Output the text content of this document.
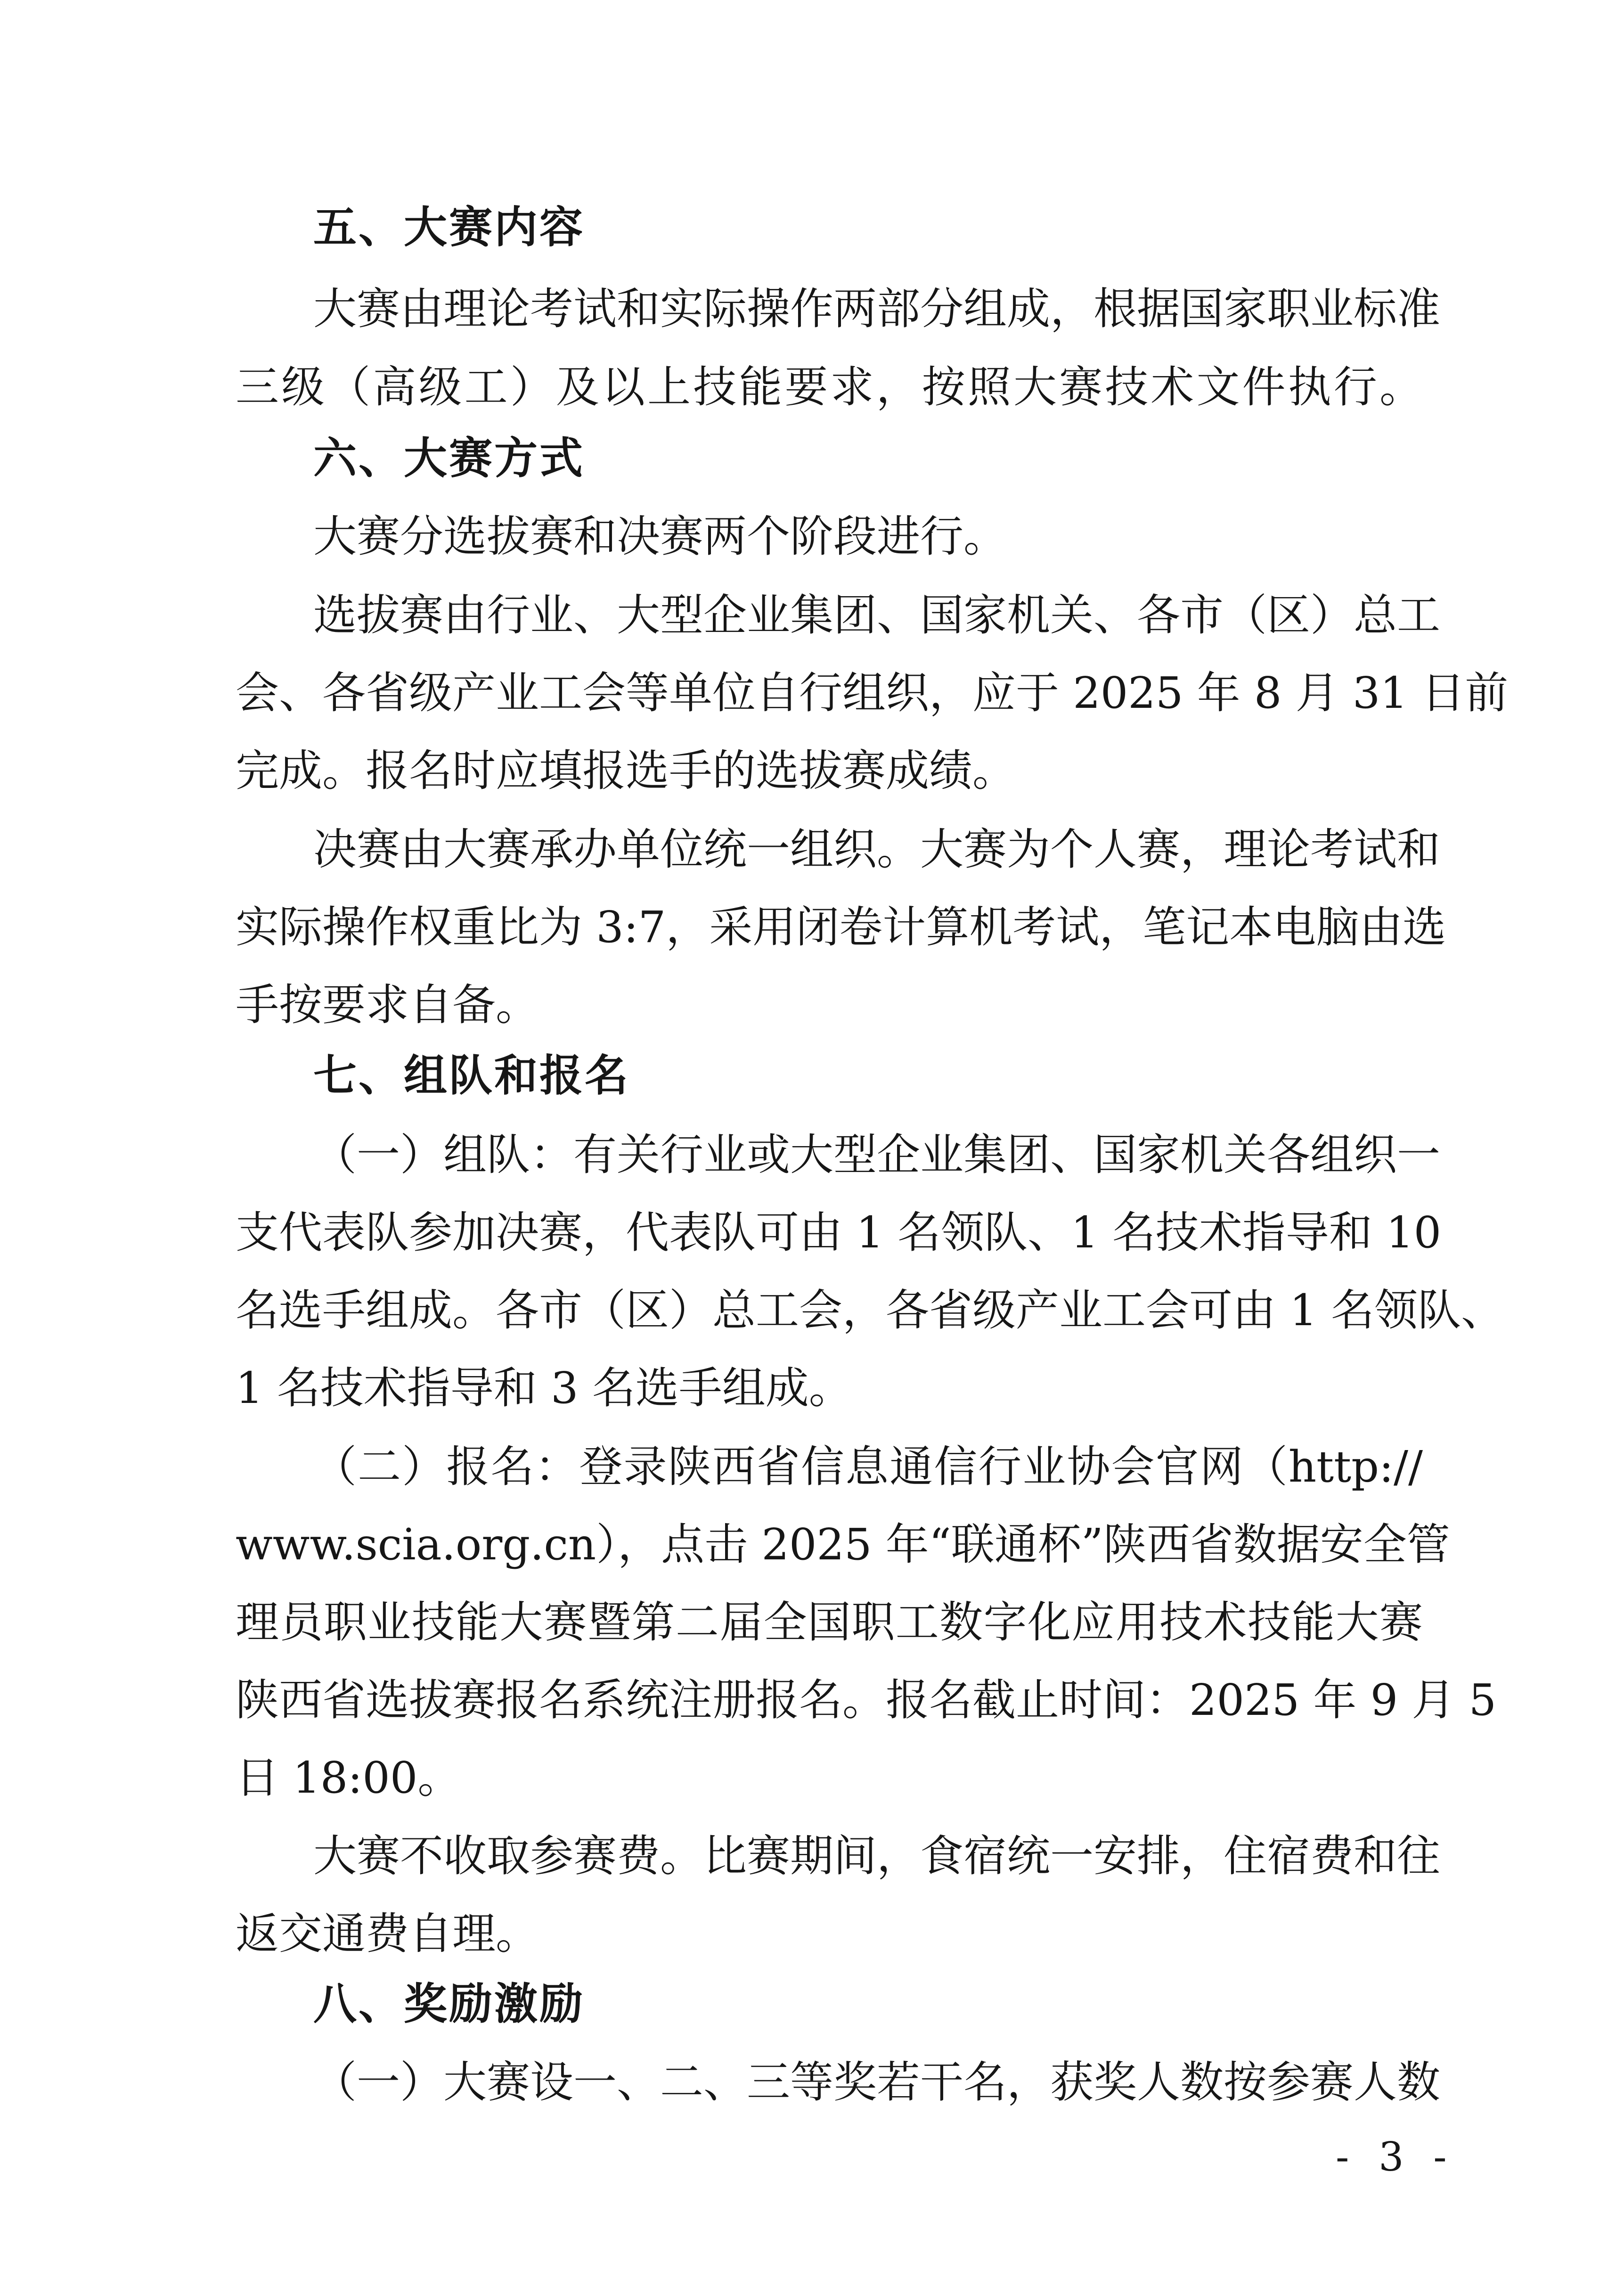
五、大赛内容

大赛由理论考试和实际操作两部分组成，根据国家职业标准

三级（高级工）及以上技能要求，按照大赛技术文件执行。

六、大赛方式

大赛分选拔赛和决赛两个阶段进行。

选拔赛由行业、大型企业集团、国家机关、各市（区）总工

会、各省级产业工会等单位自行组织，应于 2025 年 8 月 31 日前

完成。报名时应填报选手的选拔赛成绩。

决赛由大赛承办单位统一组织。大赛为个人赛，理论考试和

实际操作权重比为 3:7，采用闭卷计算机考试，笔记本电脑由选

手按要求自备。

七、组队和报名

（一）组队：有关行业或大型企业集团、国家机关各组织一

支代表队参加决赛，代表队可由 1 名领队、1 名技术指导和 10

名选手组成。各市（区）总工会，各省级产业工会可由 1 名领队、

1 名技术指导和 3 名选手组成。

（二）报名：登录陕西省信息通信行业协会官网（http://

www.scia.org.cn），点击 2025 年“联通杯”陕西省数据安全管

理员职业技能大赛暨第二届全国职工数字化应用技术技能大赛

陕西省选拔赛报名系统注册报名。报名截止时间：2025 年 9 月 5

日 18:00。

大赛不收取参赛费。比赛期间，食宿统一安排，住宿费和往

返交通费自理。

八、奖励激励

（一）大赛设一、二、三等奖若干名，获奖人数按参赛人数

- 3 -
